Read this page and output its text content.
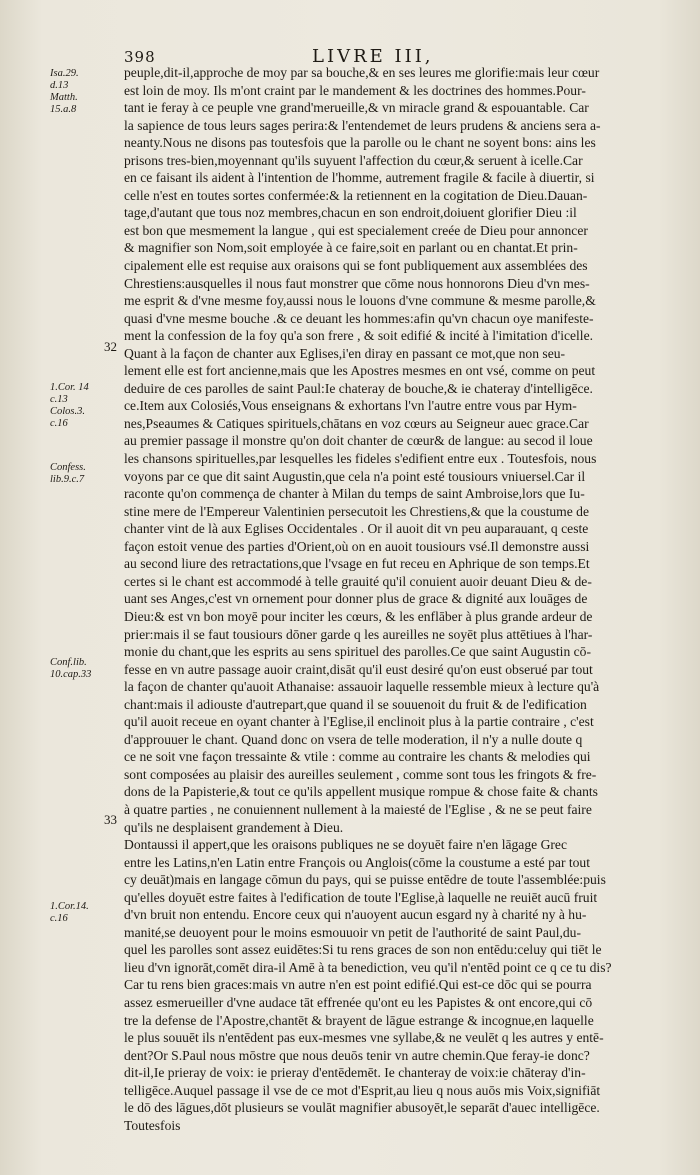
398	LIVRE III,
Isa.29.
d.13
Matth.
15.a.8
1.Cor. 14
c.13
Colos.3.
c.16
Confess.
lib.9.c.7
Conf.lib.
10.cap.33
1.Cor.14.
c.16
32
33
peuple,dit-il,approche de moy par sa bouche,& en ses leures me glorifie:mais leur cœur
est loin de moy. Ils m'ont craint par le mandement & les doctrines des hommes.Pour-
tant ie feray à ce peuple vne grand'merueille,& vn miracle grand & espouantable. Car
la sapience de tous leurs sages perira:& l'entendemet de leurs prudens & anciens sera a-
neanty.Nous ne disons pas toutesfois que la parolle ou le chant ne soyent bons: ains les
prisons tres-bien,moyennant qu'ils suyuent l'affection du cœur,& seruent à icelle.Car
en ce faisant ils aident à l'intention de l'homme, autrement fragile & facile à diuertir, si
celle n'est en toutes sortes confermée:& la retiennent en la cogitation de Dieu.Dauan-
tage,d'autant que tous noz membres,chacun en son endroit,doiuent glorifier Dieu :il
est bon que mesmement la langue , qui est specialement creée de Dieu pour annoncer
& magnifier son Nom,soit employée à ce faire,soit en parlant ou en chantat.Et prin-
cipalement elle est requise aux oraisons qui se font publiquement aux assemblées des
Chrestiens:ausquelles il nous faut monstrer que cōme nous honnorons Dieu d'vn mes-
me esprit & d'vne mesme foy,aussi nous le louons d'vne commune & mesme parolle,&
quasi d'vne mesme bouche .& ce deuant les hommes:afin qu'vn chacun oye manifeste-
ment la confession de la foy qu'a son frere , & soit edifié & incité à l'imitation d'icelle.
Quant à la façon de chanter aux Eglises,i'en diray en passant ce mot,que non seu-
lement elle est fort ancienne,mais que les Apostres mesmes en ont vsé, comme on peut
deduire de ces parolles de saint Paul:Ie chateray de bouche,& ie chateray d'intelligēce.
ce.Item aux Colosiés,Vous enseignans & exhortans l'vn l'autre entre vous par Hym-
nes,Pseaumes & Catiques spirituels,chātans en voz cœurs au Seigneur auec grace.Car
au premier passage il monstre qu'on doit chanter de cœur& de langue: au secod il loue
les chansons spirituelles,par lesquelles les fideles s'edifient entre eux . Toutesfois, nous
voyons par ce que dit saint Augustin,que cela n'a point esté tousiours vniuersel.Car il
raconte qu'on commença de chanter à Milan du temps de saint Ambroise,lors que Iu-
stine mere de l'Empereur Valentinien persecutoit les Chrestiens,& que la coustume de
chanter vint de là aux Eglises Occidentales . Or il auoit dit vn peu auparauant, q ceste
façon estoit venue des parties d'Orient,où on en auoit tousiours vsé.Il demonstre aussi
au second liure des retractations,que l'vsage en fut receu en Aphrique de son temps.Et
certes si le chant est accommodé à telle grauité qu'il conuient auoir deuant Dieu & de-
uant ses Anges,c'est vn ornement pour donner plus de grace & dignité aux louāges de
Dieu:& est vn bon moyē pour inciter les cœurs, & les enflāber à plus grande ardeur de
prier:mais il se faut tousiours dōner garde q les aureilles ne soyēt plus attētiues à l'har-
monie du chant,que les esprits au sens spirituel des parolles.Ce que saint Augustin cō-
fesse en vn autre passage auoir craint,disāt qu'il eust desiré qu'on eust obserué par tout
la façon de chanter qu'auoit Athanaise: assauoir laquelle ressemble mieux à lecture qu'à
chant:mais il adiouste d'autrepart,que quand il se souuenoit du fruit & de l'edification
qu'il auoit receue en oyant chanter à l'Eglise,il enclinoit plus à la partie contraire , c'est
d'approuuer le chant. Quand donc on vsera de telle moderation, il n'y a nulle doute q
ce ne soit vne façon tressainte & vtile : comme au contraire les chants & melodies qui
sont composées au plaisir des aureilles seulement , comme sont tous les fringots & fre-
dons de la Papisterie,& tout ce qu'ils appellent musique rompue & chose faite & chants
à quatre parties , ne conuiennent nullement à la maiesté de l'Eglise , & ne se peut faire
qu'ils ne desplaisent grandement à Dieu.
Dontaussi il appert,que les oraisons publiques ne se doyuēt faire n'en lāgage Grec
entre les Latins,n'en Latin entre François ou Anglois(cōme la coustume a esté par tout
cy deuāt)mais en langage cōmun du pays, qui se puisse entēdre de toute l'assemblée:puis
qu'elles doyuēt estre faites à l'edification de toute l'Eglise,à laquelle ne reuiēt aucū fruit
d'vn bruit non entendu. Encore ceux qui n'auoyent aucun esgard ny à charité ny à hu-
manité,se deuoyent pour le moins esmouuoir vn petit de l'authorité de saint Paul,du-
quel les parolles sont assez euidētes:Si tu rens graces de son non entēdu:celuy qui tiēt le
lieu d'vn ignorāt,comēt dira-il Amē à ta benediction, veu qu'il n'entēd point ce q ce tu dis?
Car tu rens bien graces:mais vn autre n'en est point edifié.Qui est-ce dōc qui se pourra
assez esmerueiller d'vne audace tāt effrenée qu'ont eu les Papistes & ont encore,qui cō
tre la defense de l'Apostre,chantēt & brayent de lāgue estrange & incognue,en laquelle
le plus souuēt ils n'entēdent pas eux-mesmes vne syllabe,& ne veulēt q les autres y entē-
dent?Or S.Paul nous mōstre que nous deuōs tenir vn autre chemin.Que feray-ie donc?
dit-il,Ie prieray de voix: ie prieray d'entēdemēt. Ie chanteray de voix:ie chāteray d'in-
telligēce.Auquel passage il vse de ce mot d'Esprit,au lieu q nous auōs mis Voix,signifiāt
le dō des lāgues,dōt plusieurs se voulāt magnifier abusoyēt,le separāt d'auec intelligēce.
Toutesfois
